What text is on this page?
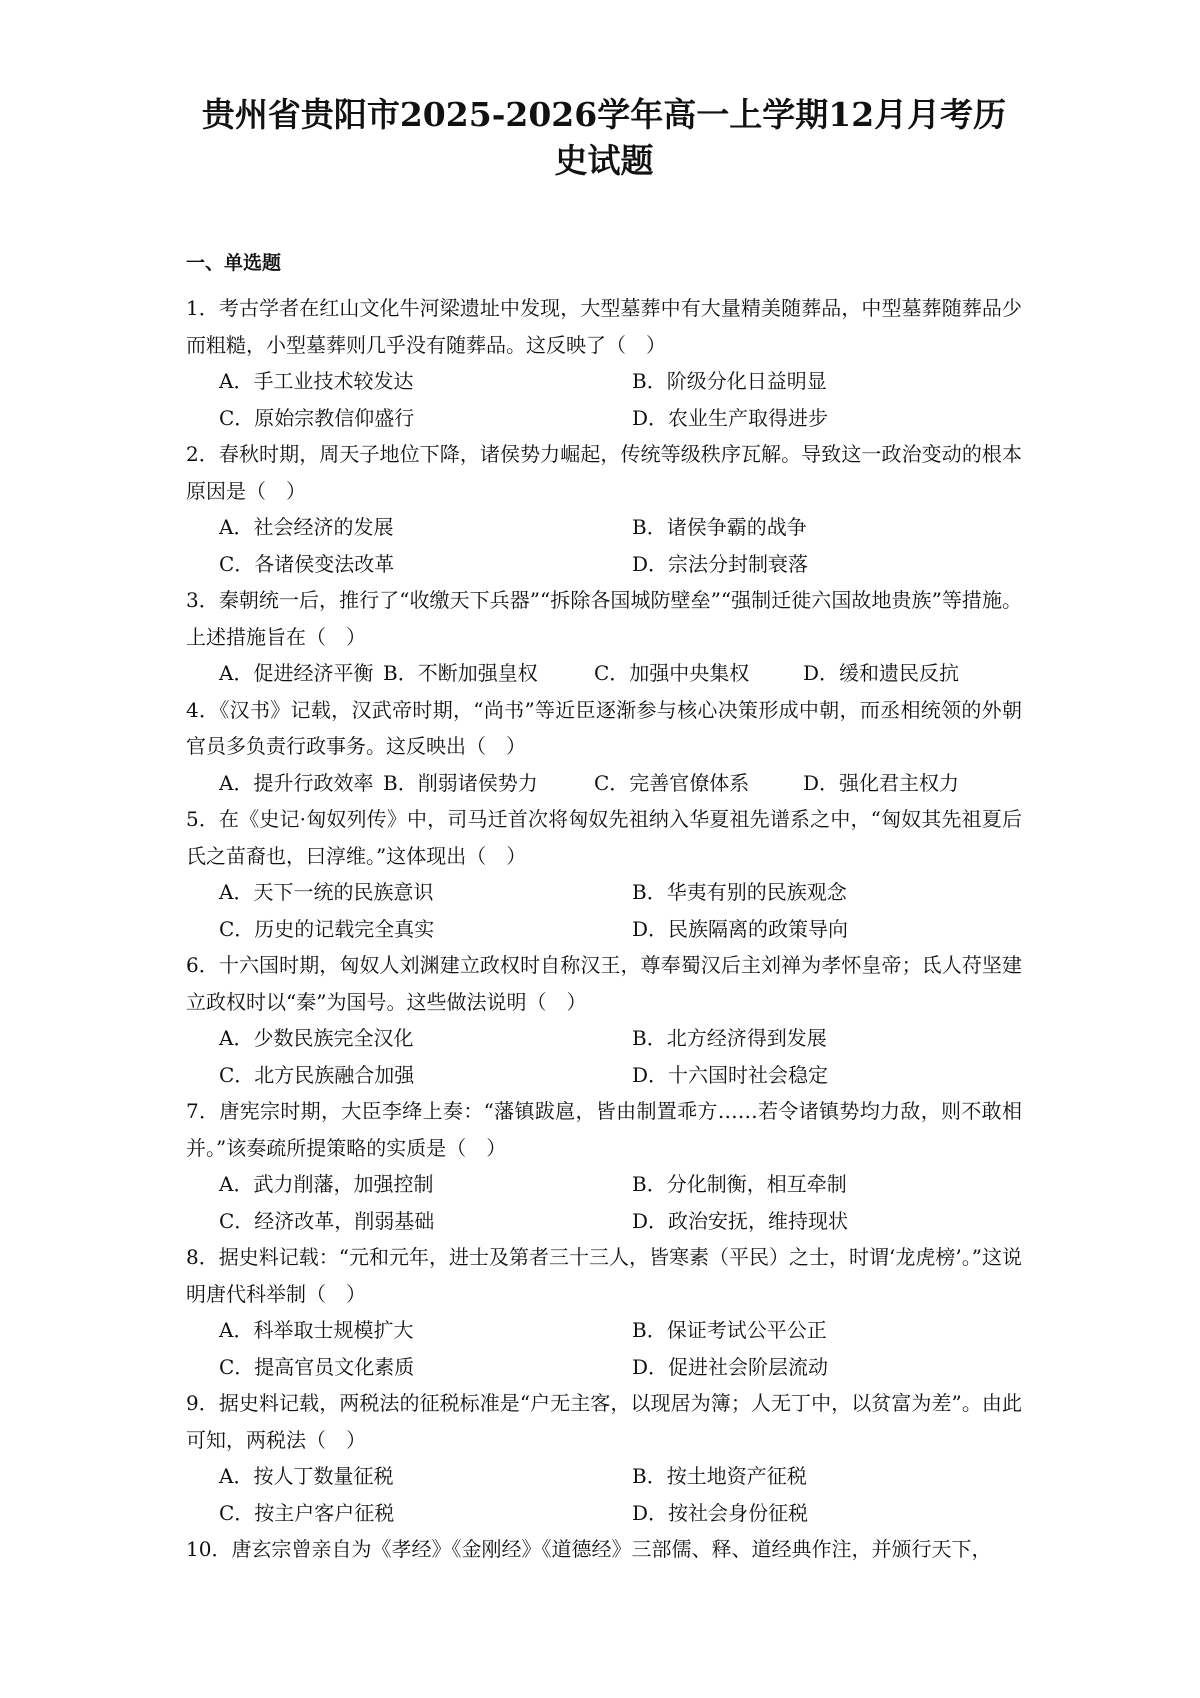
贵州省贵阳市2025-2026学年高一上学期12月月考历史试题
一、单选题
1．考古学者在红山文化牛河梁遗址中发现，大型墓葬中有大量精美随葬品，中型墓葬随葬品少而粗糙，小型墓葬则几乎没有随葬品。这反映了（　）
A．手工业技术较发达	B．阶级分化日益明显
C．原始宗教信仰盛行	D．农业生产取得进步
2．春秋时期，周天子地位下降，诸侯势力崛起，传统等级秩序瓦解。导致这一政治变动的根本原因是（　）
A．社会经济的发展	B．诸侯争霸的战争
C．各诸侯变法改革	D．宗法分封制衰落
3．秦朝统一后，推行了“收缴天下兵器”“拆除各国城防壁垒”“强制迁徙六国故地贵族”等措施。上述措施旨在（　）
A．促进经济平衡 B．不断加强皇权	C．加强中央集权	D．缓和遗民反抗
4．《汉书》记载，汉武帝时期，“尚书”等近臣逐渐参与核心决策形成中朝，而丞相统领的外朝官员多负责行政事务。这反映出（　）
A．提升行政效率 B．削弱诸侯势力	C．完善官僚体系	D．强化君主权力
5．在《史记·匈奴列传》中，司马迁首次将匈奴先祖纳入华夏祖先谱系之中，“匈奴其先祖夏后氏之苗裔也，曰淳维。”这体现出（　）
A．天下一统的民族意识	B．华夷有别的民族观念
C．历史的记载完全真实	D．民族隔离的政策导向
6．十六国时期，匈奴人刘渊建立政权时自称汉王，尊奉蜀汉后主刘禅为孝怀皇帝；氐人苻坚建立政权时以“秦”为国号。这些做法说明（　）
A．少数民族完全汉化	B．北方经济得到发展
C．北方民族融合加强	D．十六国时社会稳定
7．唐宪宗时期，大臣李绛上奏：“藩镇跋扈，皆由制置乖方……若令诸镇势均力敌，则不敢相并。”该奏疏所提策略的实质是（　）
A．武力削藩，加强控制	B．分化制衡，相互牵制
C．经济改革，削弱基础	D．政治安抚，维持现状
8．据史料记载：“元和元年，进士及第者三十三人，皆寒素（平民）之士，时谓‘龙虎榜’。”这说明唐代科举制（　）
A．科举取士规模扩大	B．保证考试公平公正
C．提高官员文化素质	D．促进社会阶层流动
9．据史料记载，两税法的征税标准是“户无主客，以现居为簿；人无丁中，以贫富为差”。由此可知，两税法（　）
A．按人丁数量征税	B．按土地资产征税
C．按主户客户征税	D．按社会身份征税
10．唐玄宗曾亲自为《孝经》《金刚经》《道德经》三部儒、释、道经典作注，并颁行天下，
